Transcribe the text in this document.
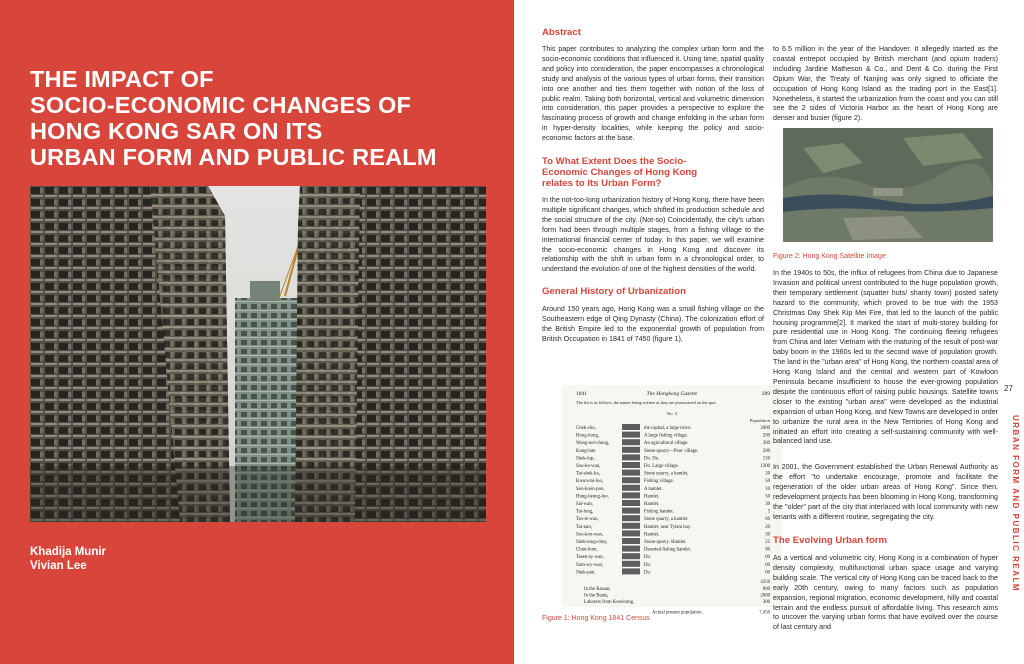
THE IMPACT OF
SOCIO-ECONOMIC CHANGES OF
HONG KONG SAR ON ITS
URBAN FORM AND PUBLIC REALM
Khadija Munir
Vivian Lee
Abstract

This paper contributes to analyzing the complex urban form and the socio-economic conditions that influenced it. Using time, spatial quality and policy into consideration, the paper encompasses a chronological study and analysis of the various types of urban forms, their transition into one another and ties them together with notion of the loss of public realm. Taking both horizontal, vertical and volumetric dimension into consideration, this paper provides a perspective to explore the fascinating process of growth and change enfolding in the urban form in hyper-density localities, while keeping the policy and socio-economic factors at the base.

To What Extent Does the Socio-Economic Changes of Hong Kong relates to Its Urban Form?

In the not-too-long urbanization history of Hong Kong, there have been multiple significant changes, which shifted its production schedule and the social structure of the city. (Not-so) Coincidentally, the city's urban form had been through multiple stages, from a fishing village to the international financial center of today. In this paper, we will examine the socio-economic changes in Hong Kong and discover its relationship with the shift in urban form in a chronological order, to understand the evolution of one of the highest densities of the world.

General History of Urbanization

Around 150 years ago, Hong Kong was a small fishing village on the Southeastern edge of Qing Dynasty (China). The colonization effort of the British Empire led to the exponential growth of population from British Occupation in 1841 of 7450 (figure 1),

1841	The Hongkong Gazette	289
The list is as follows, the names being written as they are pronounced on the spot.
No. 3
Population
Chek-chu,	the capital, a large town.	2000
Hong-kong,	A large fishing village.	200
Wong-nei-chung,	An agricultural village.	300
Kung-lam	Stone-quarry—Poor village.	200
Shek-lup,	Do. Do.	150
Soo-ke-wan,	Do. Large village.	1200
Tai-shek-ha,	Stone quarry, a hamlet,	20
Kwun-tai-loo,	Fishing village.	50
Soo-koon-poo,	A hamlet.	10
Hung-heung-loo,	Hamlet.	50
Sai-wan,	Hamlet.	30
Tai-long,	Fishing hamlet.	5
Tso-te-wan,	Stone quarry, a hamlet.	60
Tai-tam,	Hamlet, near Tytam bay.	20
Soo-koo-wan,	Hamlet.	30
Shek-tong-chuy,	Stone-quarry. Hamlet.	25
Chun-hum,	Deserted fishing hamlet.	00
Tseen-sy-wan,	Do.	00
Sum-wy-wan,	Do.	00
Shek-pae,	Do.	00
4350
In the Bazaar,	800
In the Boats,	2000
Laborers from Kowloong,	300
Actual present population.	7,450

Figure 1: Hong Kong 1841 Census

to 6.5 million in the year of the Handover. It allegedly started as the coastal entrepot occupied by British merchant (and opium traders) including Jardine Matheson & Co., and Dent & Co. during the First Opium War, the Treaty of Nanjing was only signed to officiate the occupation of Hong Kong Island as the trading port in the East[1]. Nonetheless, it started the urbanization from the coast and you can still see the 2 sides of Victoria Harbor as the heart of Hong Kong are denser and busier (figure 2).

Figure 2: Hong Kong Satellite Image

In the 1940s to 50s, the influx of refugees from China due to Japanese Invasion and political unrest contributed to the huge population growth, their temporary settlement (squatter huts/ shanty town) posted safety hazard to the community, which proved to be true with the 1953 Christmas Day Shek Kip Mei Fire, that led to the launch of the public housing programme[2]. It marked the start of multi-storey building for pure residential use in Hong Kong. The continuing fleeing refugees from China and later Vietnam with the maturing of the result of post-war baby boom in the 1960s led to the second wave of population growth. The land in the "urban area" of Hong Kong, the northern coastal area of Hong Kong Island and the central and western part of Kowloon Peninsula became insufficient to house the ever-growing population despite the continuous effort of raising public housings. Satellite towns closer to the existing "urban area" were developed as the industrial expansion of urban Hong Kong, and New Towns are developed in order to urbanize the rural area in the New Territories of Hong Kong and initiated an effort into creating a self-sustaining community with well-balanced land use.

In 2001, the Government established the Urban Renewal Authority as the effort "to undertake encourage, promote and facilitate the regeneration of the older urban areas of Hong Kong". Since then, redevelopment projects has been blooming in Hong Kong, transforming the "older" part of the city that interlaced with local community with new tenants with a different routine, segregating the city.

The Evolving Urban form

As a vertical and volumetric city, Hong Kong is a combination of hyper density complexity, multifunctional urban space usage and varying building scale. The vertical city of Hong Kong can be traced back to the early 20th century, owing to many factors such as population expansion, regional migration, economic development, hilly and coastal terrain and the endless pursuit of affordable living. This research aims to uncover the varying urban forms that have evolved over the course of last century and

27
URBAN FORM AND PUBLIC REALM
